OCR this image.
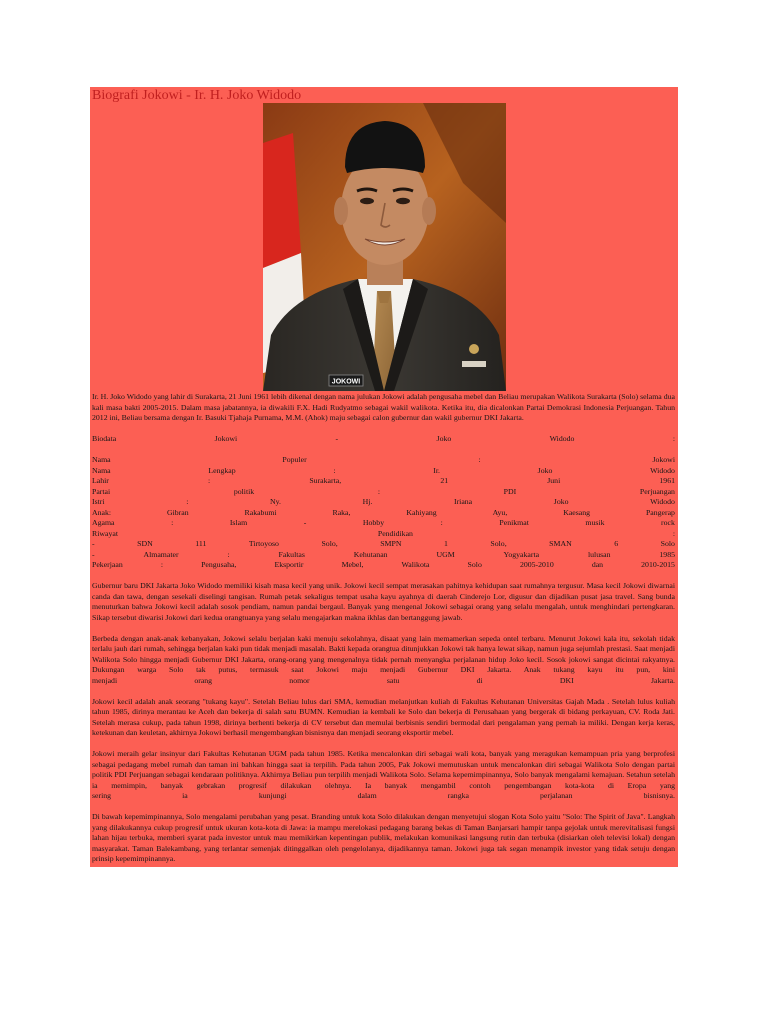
Biografi Jokowi - Ir. H. Joko Widodo
JOKOWI

Ir. H. Joko Widodo yang lahir di Surakarta, 21 Juni 1961 lebih dikenal dengan nama julukan Jokowi adalah pengusaha mebel dan Beliau merupakan Walikota Surakarta (Solo) selama dua kali masa bakti 2005-2015. Dalam masa jabatannya, ia diwakili F.X. Hadi Rudyatmo sebagai wakil walikota. Ketika itu, dia dicalonkan Partai Demokrasi Indonesia Perjuangan. Tahun 2012 ini, Beliau bersama dengan Ir. Basuki Tjahaja Purnama, M.M. (Ahok) maju sebagai calon gubernur dan wakil gubernur DKI Jakarta.

Biodata	Jokowi	-	Joko	Widodo	:
Nama	Populer	:	Jokowi
Nama	Lengkap	:	Ir.	Joko	Widodo
Lahir	:	Surakarta,	21	Juni	1961
Partai	politik	:	PDI	Perjuangan
Istri	:	Ny.	Hj.	Iriana	Joko	Widodo
Anak:	Gibran	Rakabumi	Raka,	Kahiyang	Ayu,	Kaesang	Pangerap
Agama	:	Islam	-	Hobby	:	Penikmat	musik	rock
Riwayat	Pendidikan	:
-	SDN	111	Tirtoyoso	Solo,	SMPN	1	Solo,	SMAN	6	Solo
-	Almamater	:	Fakultas	Kehutanan	UGM	Yogyakarta	lulusan	1985
Pekerjaan	:	Pengusaha,	Eksportir	Mebel,	Walikota	Solo	2005-2010	dan	2010-2015
Gubernur baru DKI Jakarta Joko Widodo memiliki kisah masa kecil yang unik. Jokowi kecil sempat merasakan pahitnya kehidupan saat rumahnya tergusur. Masa kecil Jokowi diwarnai canda dan tawa, dengan sesekali diselingi tangisan. Rumah petak sekaligus tempat usaha kayu ayahnya di daerah Cinderejo Lor, digusur dan dijadikan pusat jasa travel. Sang bunda menuturkan bahwa Jokowi kecil adalah sosok pendiam, namun pandai bergaul. Banyak yang mengenal Jokowi sebagai orang yang selalu mengalah, untuk menghindari pertengkaran. Sikap tersebut diwarisi Jokowi dari kedua orangtuanya yang selalu mengajarkan makna ikhlas dan bertanggung jawab.
Berbeda dengan anak-anak kebanyakan, Jokowi selalu berjalan kaki menuju sekolahnya, disaat yang lain memamerkan sepeda ontel terbaru. Menurut Jokowi kala itu, sekolah tidak terlalu jauh dari rumah, sehingga berjalan kaki pun tidak menjadi masalah. Bakti kepada orangtua ditunjukkan Jokowi tak hanya lewat sikap, namun juga sejumlah prestasi. Saat menjadi Walikota Solo hingga menjadi Gubernur DKI Jakarta, orang-orang yang mengenalnya tidak pernah menyangka perjalanan hidup Joko kecil. Sosok jokowi sangat dicintai rakyatnya. Dukungan warga Solo tak putus, termasuk saat Jokowi maju menjadi Gubernur DKI Jakarta. Anak tukang kayu itu pun, kini
menjadi	orang	nomor	satu	di	DKI	Jakarta.
Jokowi kecil adalah anak seorang "tukang kayu". Setelah Beliau lulus dari SMA, kemudian melanjutkan kuliah di Fakultas Kehutanan Universitas Gajah Mada . Setelah lulus kuliah tahun 1985, dirinya merantau ke Aceh dan bekerja di salah satu BUMN. Kemudian ia kembali ke Solo dan bekerja di Perusahaan yang bergerak di bidang perkayuan, CV. Roda Jati. Setelah merasa cukup, pada tahun 1998, dirinya berhenti bekerja di CV tersebut dan memulai berbisnis sendiri bermodal dari pengalaman yang pernah ia miliki. Dengan kerja keras, ketekunan dan keuletan, akhirnya Jokowi berhasil mengembangkan bisnisnya dan menjadi seorang eksportir mebel.
Jokowi meraih gelar insinyur dari Fakultas Kehutanan UGM pada tahun 1985. Ketika mencalonkan diri sebagai wali kota, banyak yang meragukan kemampuan pria yang berprofesi sebagai pedagang mebel rumah dan taman ini bahkan hingga saat ia terpilih. Pada tahun 2005, Pak Jokowi memutuskan untuk mencalonkan diri sebagai Walikota Solo dengan partai politik PDI Perjuangan sebagai kendaraan politiknya. Akhirnya Beliau pun terpilih menjadi Walikota Solo. Selama kepemimpinannya, Solo banyak mengalami kemajuan. Setahun setelah ia memimpin, banyak gebrakan progresif dilakukan olehnya. Ia banyak mengambil contoh pengembangan kota-kota di Eropa yang
sering	ia	kunjungi	dalam	rangka	perjalanan	bisnisnya.
Di bawah kepemimpinannya, Solo mengalami perubahan yang pesat. Branding untuk kota Solo dilakukan dengan menyetujui slogan Kota Solo yaitu "Solo: The Spirit of Java". Langkah yang dilakukannya cukup progresif untuk ukuran kota-kota di Jawa: ia mampu merelokasi pedagang barang bekas di Taman Banjarsari hampir tanpa gejolak untuk merevitalisasi fungsi lahan hijau terbuka, memberi syarat pada investor untuk mau memikirkan kepentingan publik, melakukan komunikasi langsung rutin dan terbuka (disiarkan oleh televisi lokal) dengan masyarakat. Taman Balekambang, yang terlantar semenjak ditinggalkan oleh pengelolanya, dijadikannya taman. Jokowi juga tak segan menampik investor yang tidak setuju dengan prinsip kepemimpinannya.
